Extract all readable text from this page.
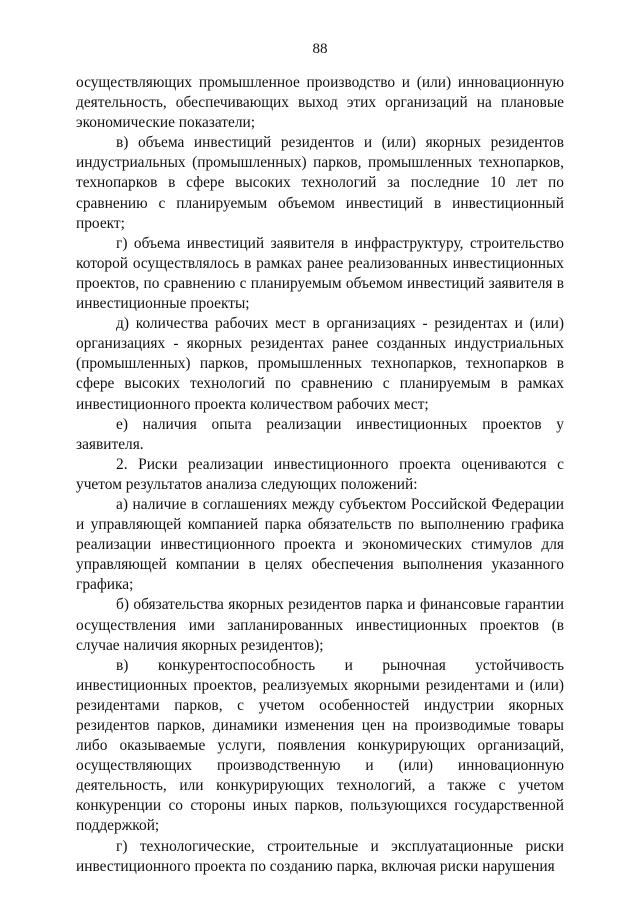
88

осуществляющих промышленное производство и (или) инновационную деятельность, обеспечивающих выход этих организаций на плановые экономические показатели;

в) объема инвестиций резидентов и (или) якорных резидентов индустриальных (промышленных) парков, промышленных технопарков, технопарков в сфере высоких технологий за последние 10 лет по сравнению с планируемым объемом инвестиций в инвестиционный проект;

г) объема инвестиций заявителя в инфраструктуру, строительство которой осуществлялось в рамках ранее реализованных инвестиционных проектов, по сравнению с планируемым объемом инвестиций заявителя в инвестиционные проекты;

д) количества рабочих мест в организациях - резидентах и (или) организациях - якорных резидентах ранее созданных индустриальных (промышленных) парков, промышленных технопарков, технопарков в сфере высоких технологий по сравнению с планируемым в рамках инвестиционного проекта количеством рабочих мест;

е) наличия опыта реализации инвестиционных проектов у заявителя.

2. Риски реализации инвестиционного проекта оцениваются с учетом результатов анализа следующих положений:

а) наличие в соглашениях между субъектом Российской Федерации и управляющей компанией парка обязательств по выполнению графика реализации инвестиционного проекта и экономических стимулов для управляющей компании в целях обеспечения выполнения указанного графика;

б) обязательства якорных резидентов парка и финансовые гарантии осуществления ими запланированных инвестиционных проектов (в случае наличия якорных резидентов);

в) конкурентоспособность и рыночная устойчивость инвестиционных проектов, реализуемых якорными резидентами и (или) резидентами парков, с учетом особенностей индустрии якорных резидентов парков, динамики изменения цен на производимые товары либо оказываемые услуги, появления конкурирующих организаций, осуществляющих производственную и (или) инновационную деятельность, или конкурирующих технологий, а также с учетом конкуренции со стороны иных парков, пользующихся государственной поддержкой;

г) технологические, строительные и эксплуатационные риски инвестиционного проекта по созданию парка, включая риски нарушения
